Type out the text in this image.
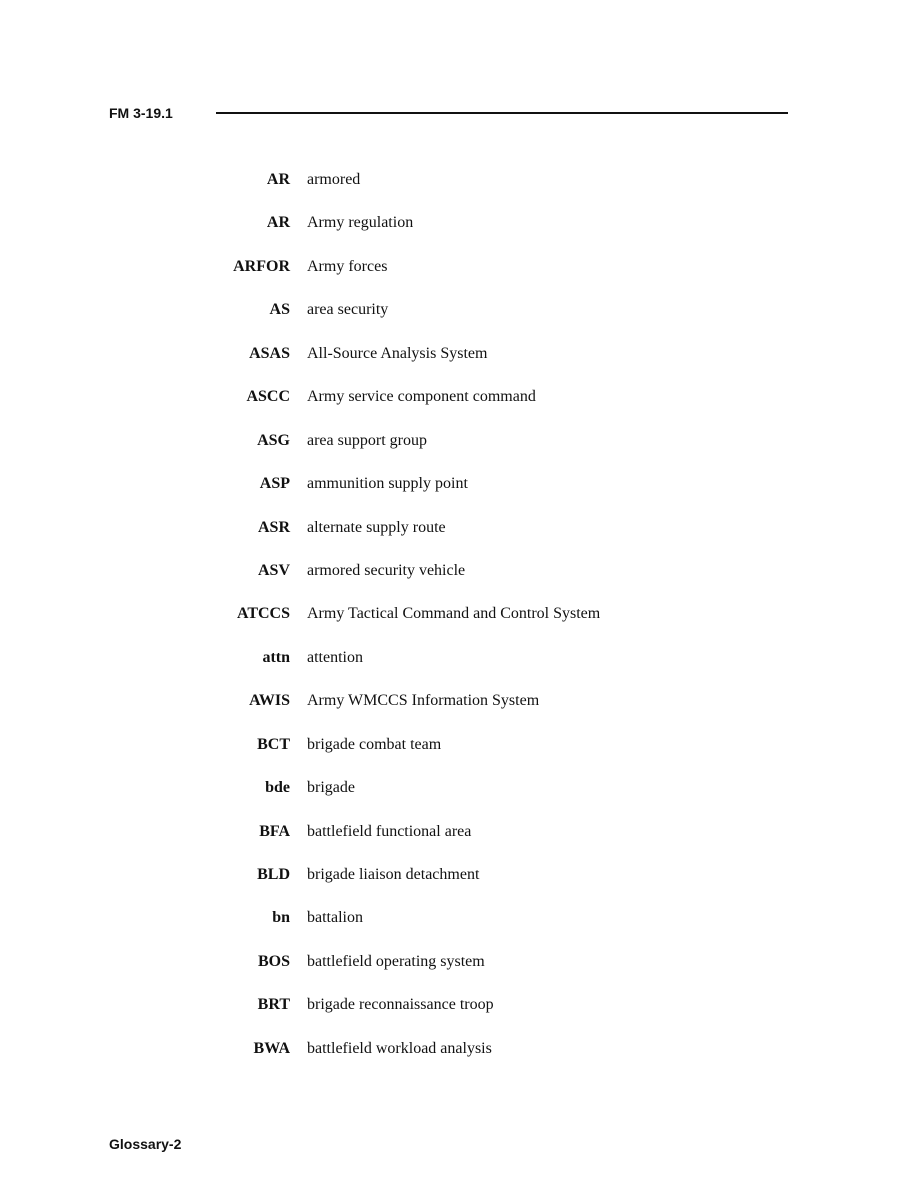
FM 3-19.1
AR armored
AR Army regulation
ARFOR Army forces
AS area security
ASAS All-Source Analysis System
ASCC Army service component command
ASG area support group
ASP ammunition supply point
ASR alternate supply route
ASV armored security vehicle
ATCCS Army Tactical Command and Control System
attn attention
AWIS Army WMCCS Information System
BCT brigade combat team
bde brigade
BFA battlefield functional area
BLD brigade liaison detachment
bn battalion
BOS battlefield operating system
BRT brigade reconnaissance troop
BWA battlefield workload analysis
Glossary-2
